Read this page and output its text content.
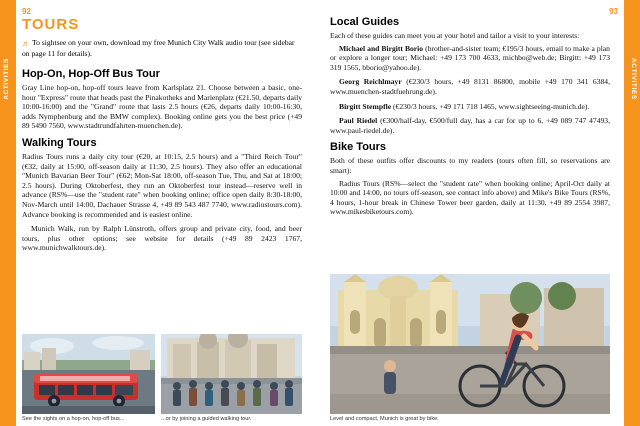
ACTIVITIES	ACTIVITIES
92	93
TOURS

♬ To sightsee on your own, download my free Munich City Walk audio tour (see sidebar on page 11 for details).

Hop-On, Hop-Off Bus Tour

Gray Line hop-on, hop-off tours leave from Karlsplatz 21. Choose between a basic, one-hour "Express" route that heads past the Pinakotheks and Marienplatz (€21.50, departs daily 10:00-16:00) and the "Grand" route that lasts 2.5 hours (€26, departs daily 10:00-16:30, adds Nymphenburg and the BMW complex). Booking online gets you the best price (+49 89 5490 7560, www.stadtrundfahrten-muenchen.de).

Walking Tours

Radius Tours runs a daily city tour (€20, at 10:15, 2.5 hours) and a "Third Reich Tour" (€32, daily at 15:00, off-season daily at 11:30, 2.5 hours). They also offer an educational "Munich Bavarian Beer Tour" (€62; Mon-Sat 18:00, off-season Tue, Thu, and Sat at 18:00; 2.5 hours). During Oktoberfest, they run an Oktoberfest tour instead—reserve well in advance (RS%—use the "student rate" when booking online; office open daily 8:30-18:00, Nov-March until 14:00, Dachauer Strasse 4, +49 89 543 487 7740, www.radiustours.com). Advance booking is recommended and is easiest online.

Munich Walk, run by Ralph Lünstroth, offers group and private city, food, and beer tours, plus other options; see website for details (+49 89 2423 1767, www.munichwalktours.de).

Local Guides

Each of these guides can meet you at your hotel and tailor a visit to your interests:

Michael and Birgitt Borio (brother-and-sister team; €195/3 hours, email to make a plan or explore a longer tour; Michael: +49 173 700 4633, michbo@web.de; Birgitt: +49 173 319 1565, bborio@yahoo.de).

Georg Reichlmayr (€230/3 hours, +49 8131 86800, mobile +49 170 341 6384, www.muenchen-stadtfuehrung.de).

Birgitt Stempfle (€230/3 hours, +49 171 718 1465, www.sightseeing-munich.de).

Paul Riedel (€300/half-day, €500/full day, has a car for up to 6, +49 089 747 47493, www.paul-riedel.de).

Bike Tours

Both of these outfits offer discounts to my readers (tours often fill, so reservations are smart):

Radius Tours (RS%—select the "student rate" when booking online; April-Oct daily at 10:00 and 14:00, no tours off-season, see contact info above) and Mike's Bike Tours (RS%, 4 hours, 1-hour break in Chinese Tower beer garden, daily at 11:30, +49 89 2554 3987, www.mikesbiketours.com).

See the sights on a hop-on, hop-off bus...	...or by joining a guided walking tour.	Level and compact, Munich is great by bike.
